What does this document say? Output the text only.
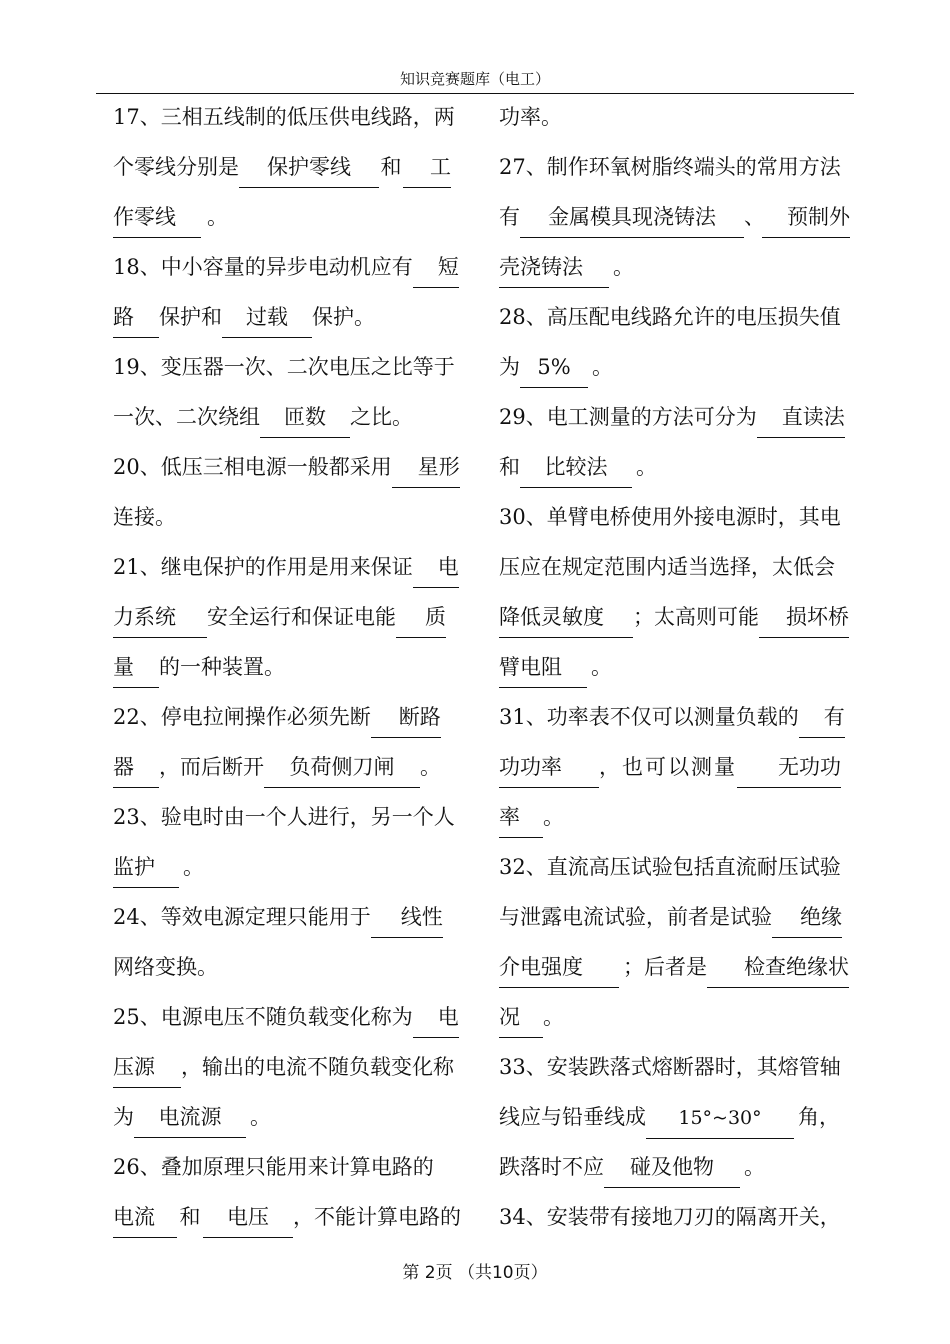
知识竞赛题库（电工）
17、三相五线制的低压供电线路，两
个零线分别是 保护零线 和 工
作零线 。
18、中小容量的异步电动机应有 短
路 保护和 过载 保护。
19、变压器一次、二次电压之比等于
一次、二次绕组 匝数 之比。
20、低压三相电源一般都采用 星形
连接。
21、继电保护的作用是用来保证 电
力系统 安全运行和保证电能 质
量 的一种装置。
22、停电拉闸操作必须先断 断路
器 ，而后断开 负荷侧刀闸 。
23、验电时由一个人进行，另一个人
监护 。
24、等效电源定理只能用于 线性
网络变换。
25、电源电压不随负载变化称为 电
压源 ，输出的电流不随负载变化称
为 电流源 。
26、叠加原理只能用来计算电路的
电流 和 电压 ，不能计算电路的
功率。
27、制作环氧树脂终端头的常用方法
有 金属模具现浇铸法 、 预制外
壳浇铸法 。
28、高压配电线路允许的电压损失值
为 5% 。
29、电工测量的方法可分为 直读法
和 比较法 。
30、单臂电桥使用外接电源时，其电
压应在规定范围内适当选择，太低会
降低灵敏度 ；太高则可能 损坏桥
臂电阻 。
31、功率表不仅可以测量负载的 有
功功率 ，也可以测量 无功功
率 。
32、直流高压试验包括直流耐压试验
与泄露电流试验，前者是试验 绝缘
介电强度 ；后者是 检查绝缘状
况 。
33、安装跌落式熔断器时，其熔管轴
线应与铅垂线成 15°~30° 角，
跌落时不应 碰及他物 。
34、安装带有接地刀刃的隔离开关，
第 2页 （共10页）
